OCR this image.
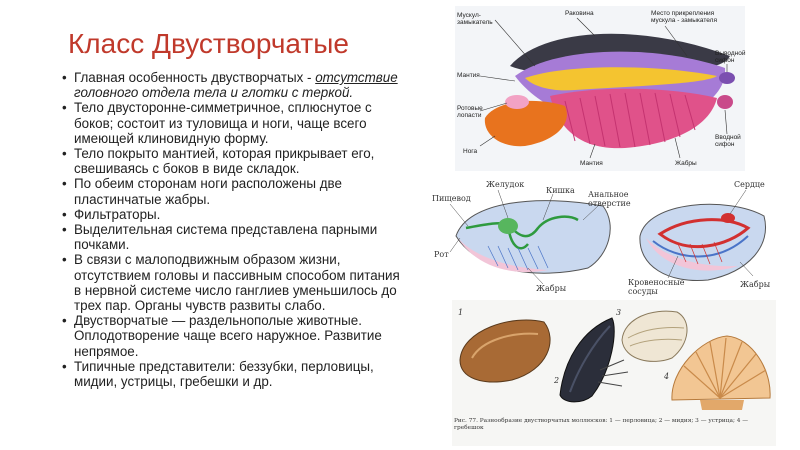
Класс Двустворчатые
• Главная особенность двустворчатых - отсутствие головного отдела тела и глотки с теркой.
• Тело двусторонне-симметричное, сплюснутое с боков; состоит из туловища и ноги, чаще всего имеющей клиновидную форму.
• Тело покрыто мантией, которая прикрывает его, свешиваясь с боков в виде складок.
• По обеим сторонам ноги расположены две пластинчатые жабры.
• Фильтраторы.
• Выделительная система представлена парными почками.
• В связи с малоподвижным образом жизни, отсутствием головы и пассивным способом питания в нервной системе число ганглиев уменьшилось до трех пар. Органы чувств развиты слабо.
• Двустворчатые — раздельнополые животные. Оплодотворение чаще всего наружное. Развитие непрямое.
• Типичные представители: беззубки, перловицы, мидии, устрицы, гребешки и др.
Мускул-
замыкатель
Раковина	Место прикрепления
мускула - замыкателя
Мантия
Выводной
сифон
Ротовые
лопасти
Вводной
сифон
Нога
Мантия	Жабры
Желудок
Кишка
Пищевод	Анальное
отверстие
Рот
Жабры
Сердце
Кровеносные
сосуды
Жабры
1
2
3
4
Рис. 77. Разнообразие двустворчатых моллюсков: 1 — перловица; 2 — мидия; 3 — устрица; 4 — гребешок
